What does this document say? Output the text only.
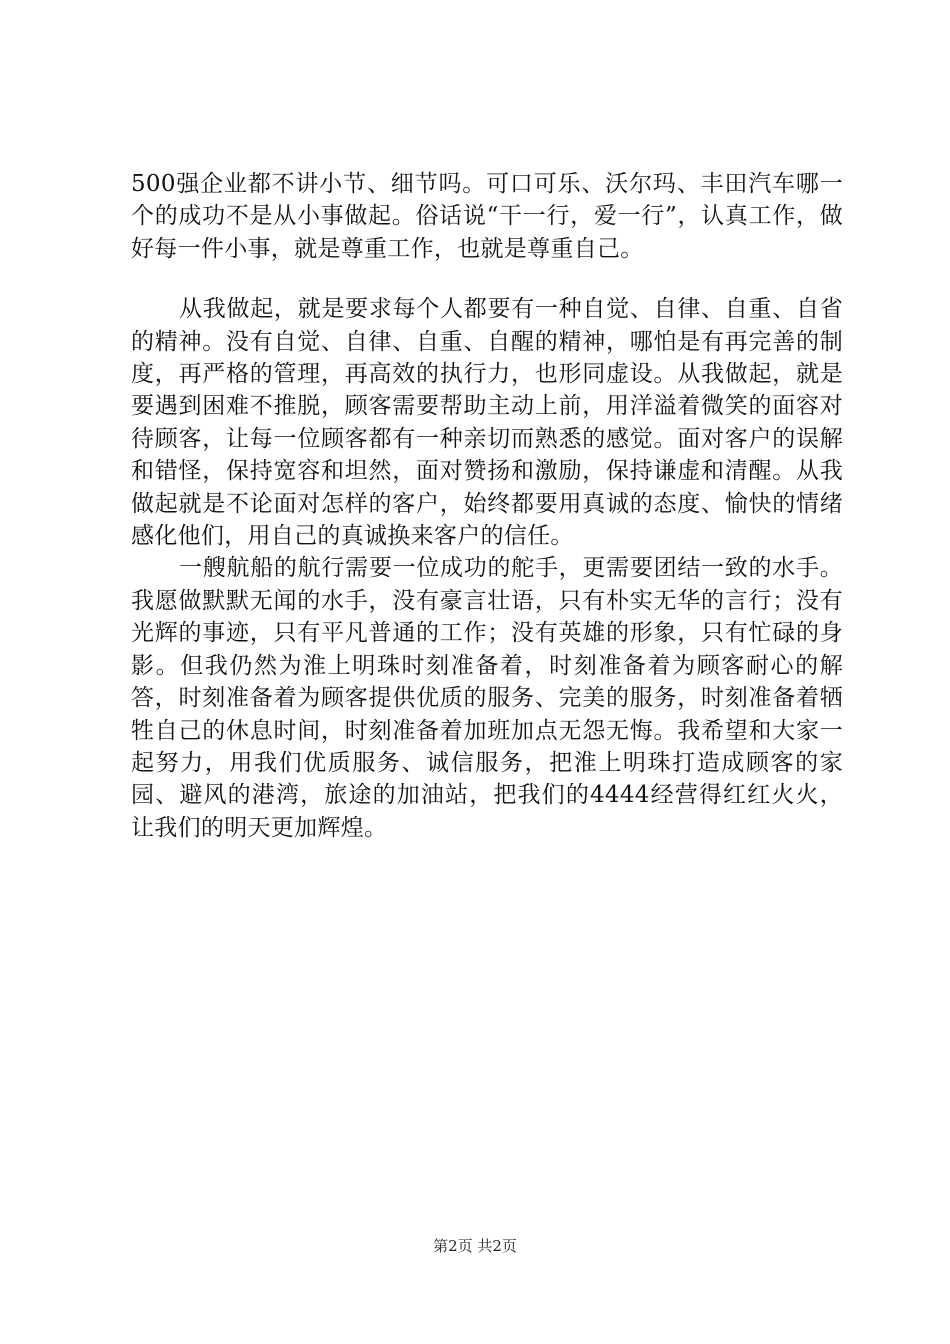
500强企业都不讲小节、细节吗。可口可乐、沃尔玛、丰田汽车哪一个的成功不是从小事做起。俗话说“干一行，爱一行”，认真工作，做好每一件小事，就是尊重工作，也就是尊重自己。

从我做起，就是要求每个人都要有一种自觉、自律、自重、自省的精神。没有自觉、自律、自重、自醒的精神，哪怕是有再完善的制度，再严格的管理，再高效的执行力，也形同虚设。从我做起，就是要遇到困难不推脱，顾客需要帮助主动上前，用洋溢着微笑的面容对待顾客，让每一位顾客都有一种亲切而熟悉的感觉。面对客户的误解和错怪，保持宽容和坦然，面对赞扬和激励，保持谦虚和清醒。从我做起就是不论面对怎样的客户，始终都要用真诚的态度、愉快的情绪感化他们，用自己的真诚换来客户的信任。

一艘航船的航行需要一位成功的舵手，更需要团结一致的水手。我愿做默默无闻的水手，没有豪言壮语，只有朴实无华的言行；没有光辉的事迹，只有平凡普通的工作；没有英雄的形象，只有忙碌的身影。但我仍然为淮上明珠时刻准备着，时刻准备着为顾客耐心的解答，时刻准备着为顾客提供优质的服务、完美的服务，时刻准备着牺牲自己的休息时间，时刻准备着加班加点无怨无悔。我希望和大家一起努力，用我们优质服务、诚信服务，把淮上明珠打造成顾客的家园、避风的港湾，旅途的加油站，把我们的4444经营得红红火火，让我们的明天更加辉煌。

第2页 共2页
